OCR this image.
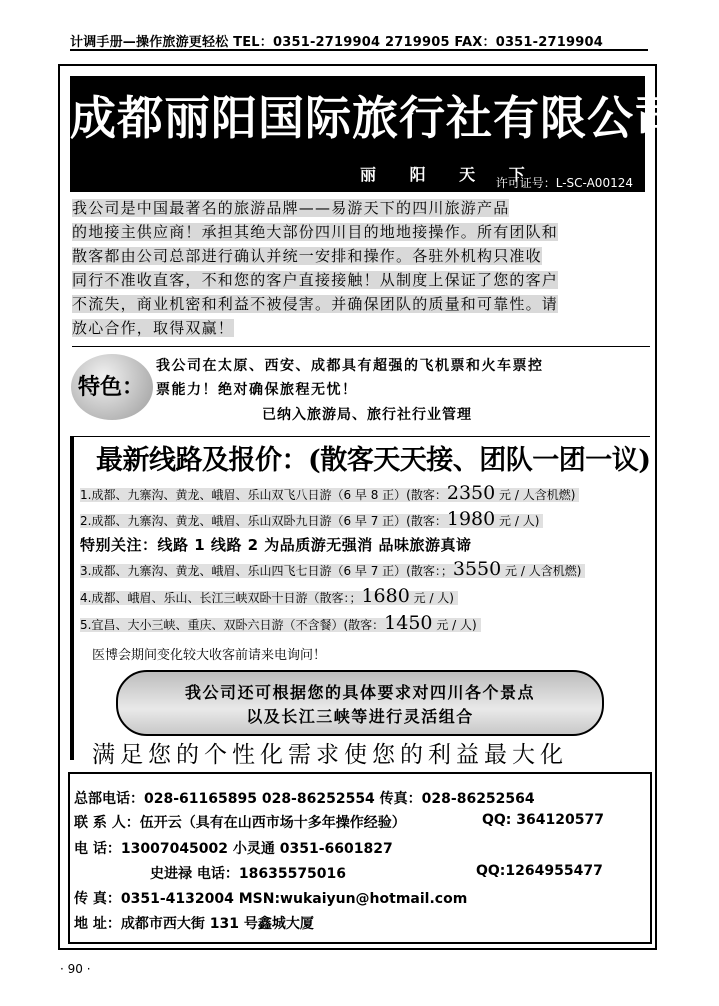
计调手册—操作旅游更轻松 TEL：0351-2719904 2719905 FAX：0351-2719904
成都丽阳国际旅行社有限公司
丽 阳 天 下
许可证号：L-SC-A00124
我公司是中国最著名的旅游品牌——易游天下的四川旅游产品
的地接主供应商！承担其绝大部份四川目的地地接操作。所有团队和
散客都由公司总部进行确认并统一安排和操作。各驻外机构只准收
同行不准收直客，不和您的客户直接接触！从制度上保证了您的客户
不流失，商业机密和利益不被侵害。并确保团队的质量和可靠性。请
放心合作，取得双赢！
特色：
我公司在太原、西安、成都具有超强的飞机票和火车票控
票能力！绝对确保旅程无忧！
已纳入旅游局、旅行社行业管理
最新线路及报价：(散客天天接、团队一团一议)
1.成都、九寨沟、黄龙、峨眉、乐山双飞八日游（6 早 8 正）(散客：2350 元 / 人含机燃)
2.成都、九寨沟、黄龙、峨眉、乐山双卧九日游（6 早 7 正）(散客：1980 元 / 人)
特别关注：线路 1 线路 2 为品质游无强消 品味旅游真谛
3.成都、九寨沟、黄龙、峨眉、乐山四飞七日游（6 早 7 正）(散客：；3550 元 / 人含机燃)
4.成都、峨眉、乐山、长江三峡双卧十日游（散客：；1680 元 / 人)
5.宜昌、大小三峡、重庆、双卧六日游（不含餐）(散客：1450 元 / 人)
医博会期间变化较大收客前请来电询问！
我公司还可根据您的具体要求对四川各个景点
以及长江三峡等进行灵活组合
满足您的个性化需求使您的利益最大化
总部电话：028-61165895 028-86252554 传真：028-86252564
联 系 人：伍开云（具有在山西市场十多年操作经验）	QQ: 364120577
电 话：13007045002 小灵通 0351-6601827
史进禄 电话：18635575016	QQ:1264955477
传 真：0351-4132004 MSN:wukaiyun@hotmail.com
地 址：成都市西大街 131 号鑫城大厦
· 90 ·
